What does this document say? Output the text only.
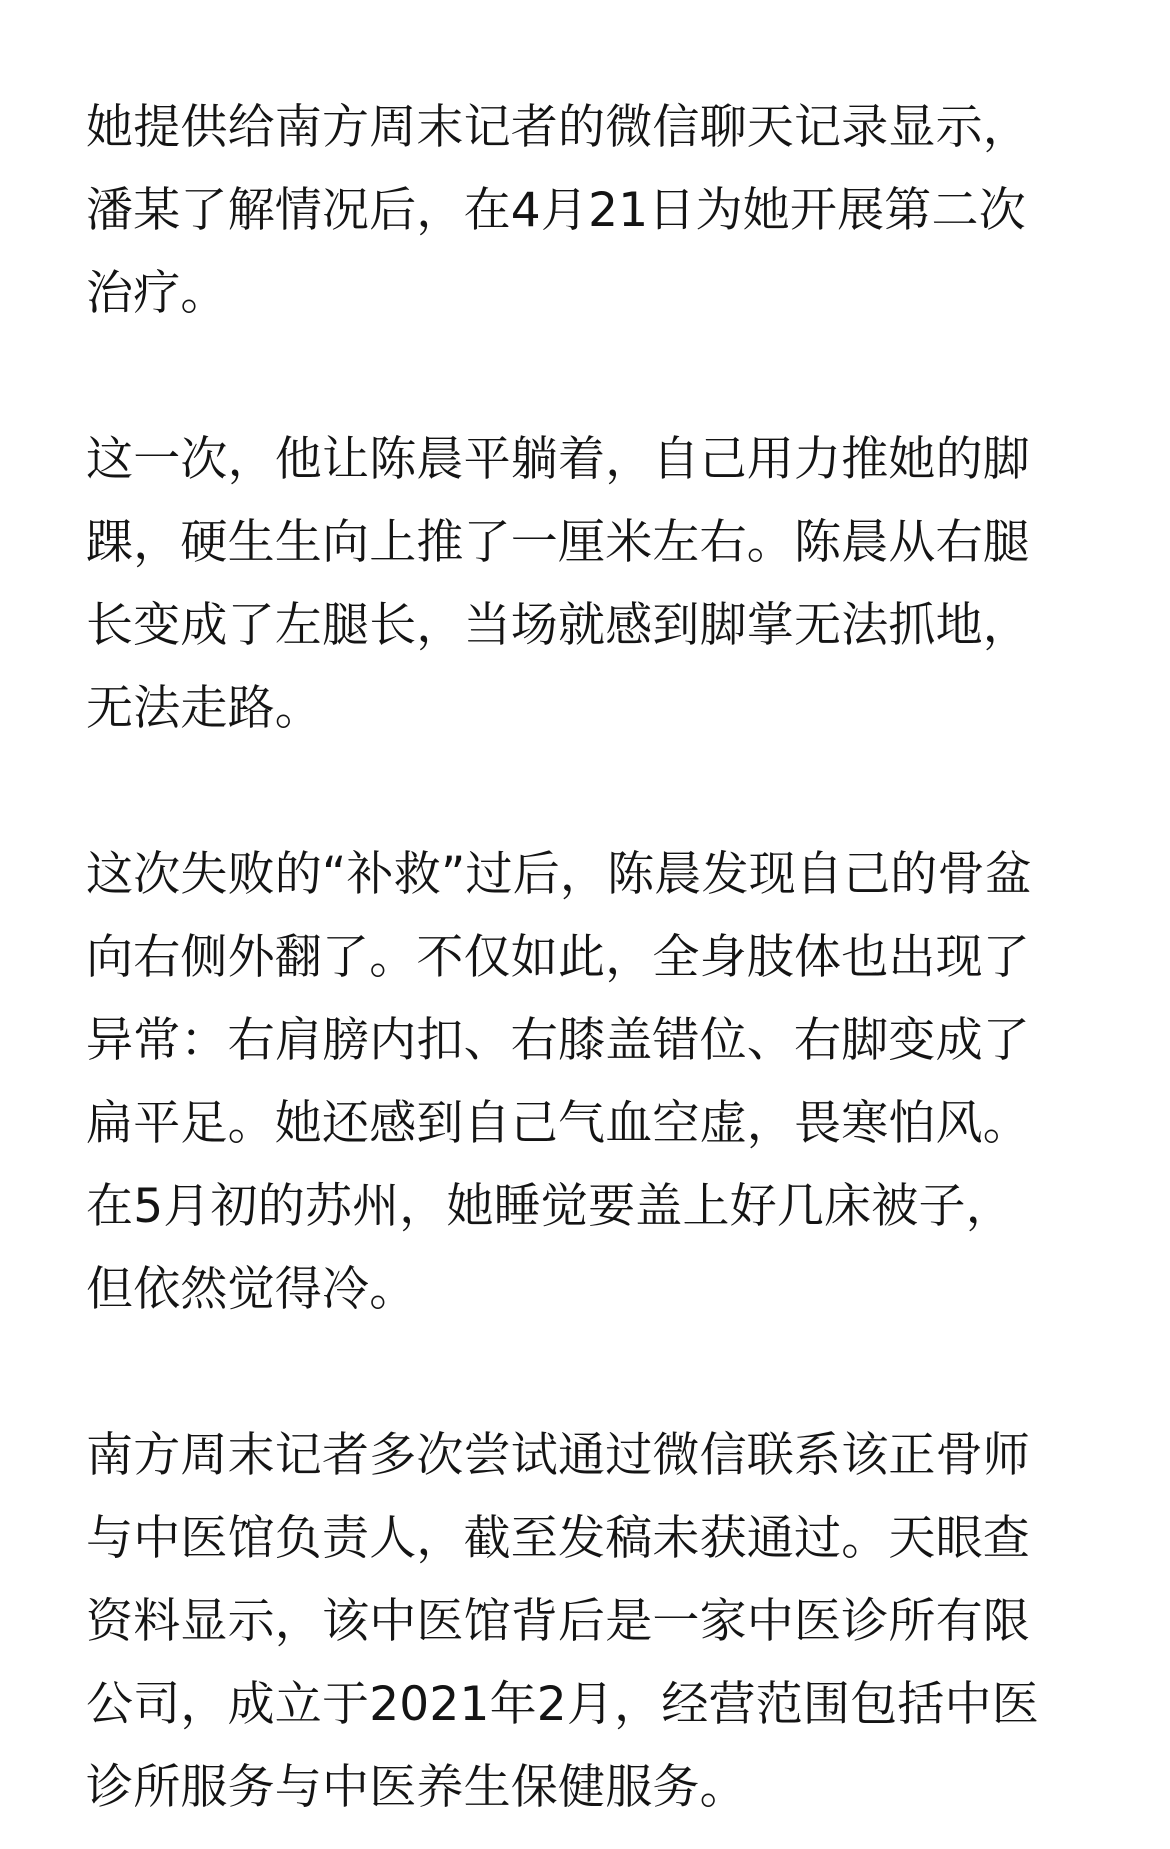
她提供给南方周末记者的微信聊天记录显示，
潘某了解情况后，在4月21日为她开展第二次
治疗。

这一次，他让陈晨平躺着，自己用力推她的脚
踝，硬生生向上推了一厘米左右。陈晨从右腿
长变成了左腿长，当场就感到脚掌无法抓地，
无法走路。

这次失败的“补救”过后，陈晨发现自己的骨盆
向右侧外翻了。不仅如此，全身肢体也出现了
异常：右肩膀内扣、右膝盖错位、右脚变成了
扁平足。她还感到自己气血空虚，畏寒怕风。
在5月初的苏州，她睡觉要盖上好几床被子，
但依然觉得冷。

南方周末记者多次尝试通过微信联系该正骨师
与中医馆负责人，截至发稿未获通过。天眼查
资料显示，该中医馆背后是一家中医诊所有限
公司，成立于2021年2月，经营范围包括中医
诊所服务与中医养生保健服务。
